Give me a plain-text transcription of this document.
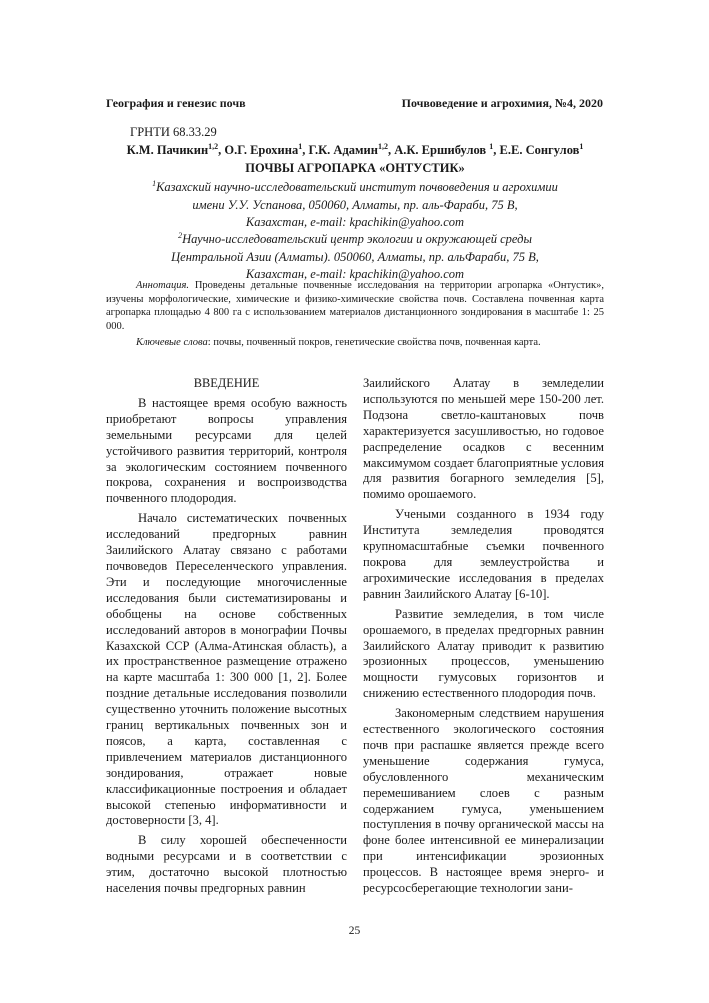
География и генезис почв	Почвоведение и агрохимия, №4, 2020
ГРНТИ 68.33.29
К.М. Пачикин$^{1,2}$, О.Г. Ерохина$^1$, Г.К. Адамин$^{1,2}$, А.К. Ершибулов $^1$, Е.Е. Сонгулов$^1$
ПОЧВЫ АГРОПАРКА «ОНТУСТИК»
$^1$Казахский научно-исследовательский институт почвоведения и агрохимии
имени У.У. Успанова, 050060, Алматы, пр. аль-Фараби, 75 В,
Казахстан, e-mail: kpachikin@yahoo.com
$^2$Научно-исследовательский центр экологии и окружающей среды
Центральной Азии (Алматы). 050060, Алматы, пр. альФараби, 75 В,
Казахстан, e-mail: kpachikin@yahoo.com

Аннотация. Проведены детальные почвенные исследования на территории агропарка «Онтустик», изучены морфологические, химические и физико-химические свойства почв. Составлена почвенная карта агропарка площадью 4 800 га с использованием материалов дистанционного зондирования в масштабе 1: 25 000.

Ключевые слова: почвы, почвенный покров, генетические свойства почв, почвенная карта.

ВВЕДЕНИЕ

В настоящее время особую важность приобретают вопросы управления земельными ресурсами для целей устойчивого развития территорий, контроля за экологическим состоянием почвенного покрова, сохранения и воспроизводства почвенного плодородия.

Начало систематических почвенных исследований предгорных равнин Заилийского Алатау связано с работами почвоведов Переселенческого управления. Эти и последующие многочисленные исследования были систематизированы и обобщены на основе собственных исследований авторов в монографии Почвы Казахской ССР (Алма-Атинская область), а их пространственное размещение отражено на карте масштаба 1: 300 000 [1, 2]. Более поздние детальные исследования позволили существенно уточнить положение высотных границ вертикальных почвенных зон и поясов, а карта, составленная с привлечением материалов дистанционного зондирования, отражает новые классификационные построения и обладает высокой степенью информативности и достоверности [3, 4].

В силу хорошей обеспеченности водными ресурсами и в соответствии с этим, достаточно высокой плотностью населения почвы предгорных равнин

Заилийского Алатау в земледелии используются по меньшей мере 150-200 лет. Подзона светло-каштановых почв характеризуется засушливостью, но годовое распределение осадков с весенним максимумом создает благоприятные условия для развития богарного земледелия [5], помимо орошаемого.

Учеными созданного в 1934 году Института земледелия проводятся крупномасштабные съемки почвенного покрова для землеустройства и агрохимические исследования в пределах равнин Заилийского Алатау [6-10].

Развитие земледелия, в том числе орошаемого, в пределах предгорных равнин Заилийского Алатау приводит к развитию эрозионных процессов, уменьшению мощности гумусовых горизонтов и снижению естественного плодородия почв.

Закономерным следствием нарушения естественного экологического состояния почв при распашке является прежде всего уменьшение содержания гумуса, обусловленного механическим перемешиванием слоев с разным содержанием гумуса, уменьшением поступления в почву органической массы на фоне более интенсивной ее минерализации при интенсификации эрозионных процессов. В настоящее время энерго- и ресурсосберегающие технологии зани-

25
